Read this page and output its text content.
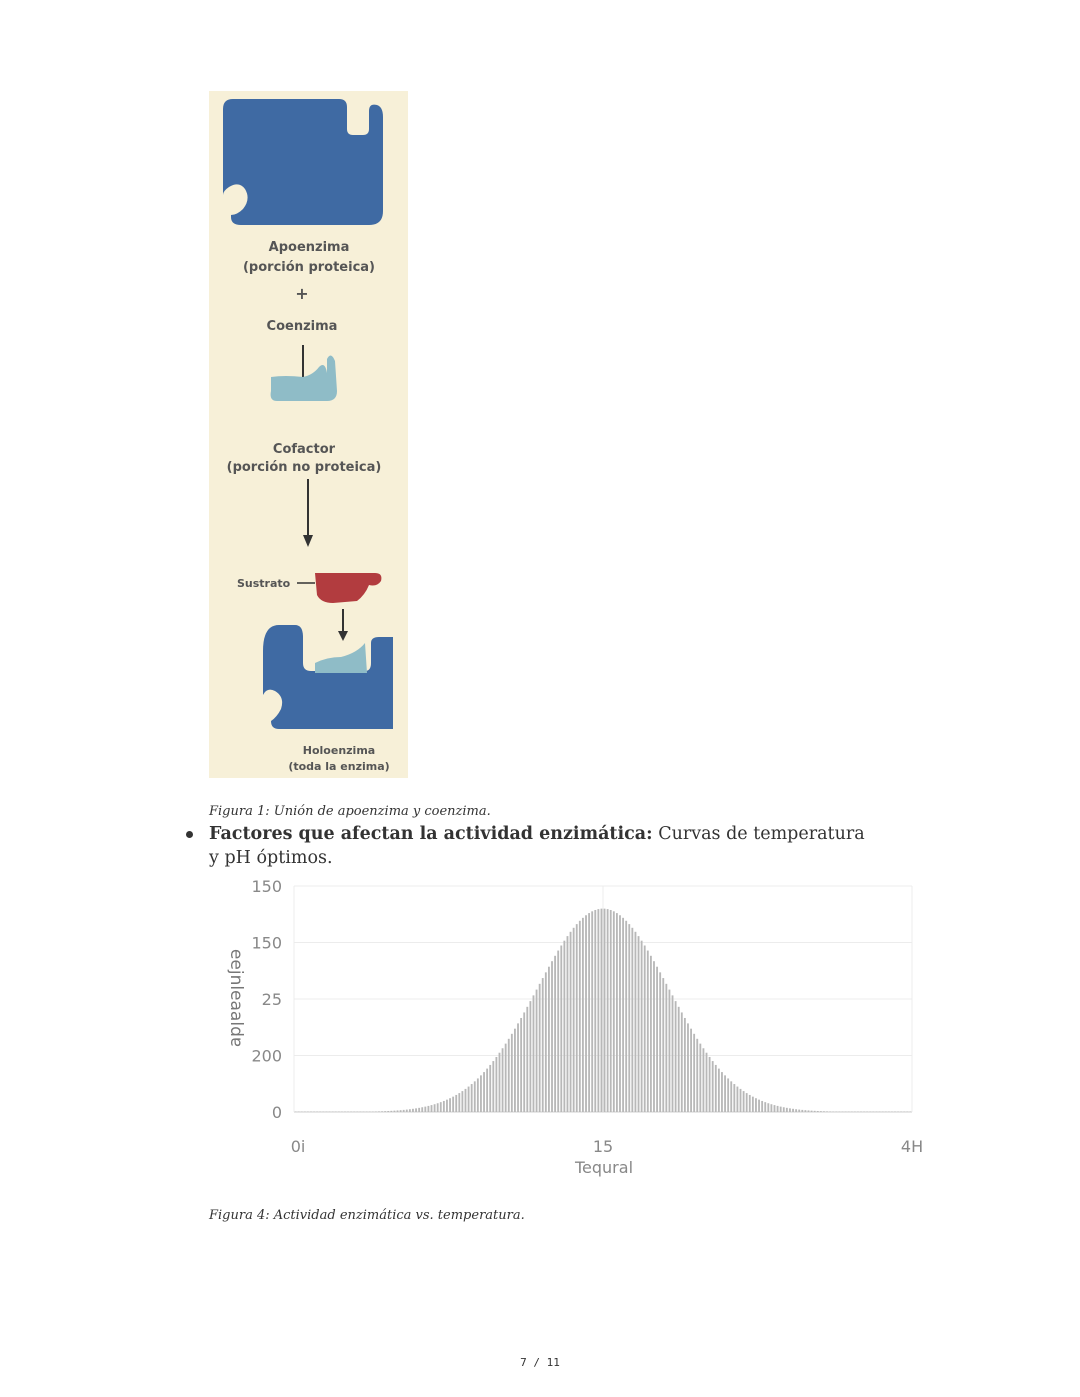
Apoenzima
(porción proteica)
+
Coenzima
Cofactor
(porción no proteica)
Sustrato
Holoenzima
(toda la enzima)
Figura 1: Unión de apoenzima y coenzima.
Factores que afectan la actividad enzimática: Curvas de temperatura y pH óptimos.
150
150
25
200
0
0i	15	4H
eejnleaaldɐ
Tequral
Figura 4: Actividad enzimática vs. temperatura.
7 / 11
